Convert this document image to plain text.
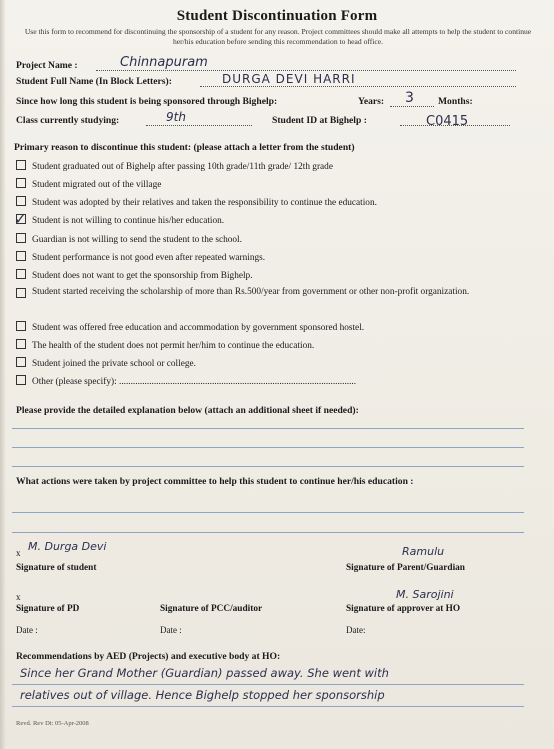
Student Discontinuation Form
Use this form to recommend for discontinuing the sponsorship of a student for any reason. Project committees should make all attempts to help the student to continue her/his education before sending this recommendation to head office.
Project Name :	Chinnapuram
Student Full Name (In Block Letters):	DURGA DEVI HARRI
Since how long this student is being sponsored through Bighelp:	Years: 3	Months:
Class currently studying:	9th	Student ID at Bighelp :	C0415
Primary reason to discontinue this student: (please attach a letter from the student)
Student graduated out of Bighelp after passing 10th grade/11th grade/ 12th grade
Student migrated out of the village
Student was adopted by their relatives and taken the responsibility to continue the education.
Student is not willing to continue his/her education.
✓
Guardian is not willing to send the student to the school.
Student performance is not good even after repeated warnings.
Student does not want to get the sponsorship from Bighelp.
Student started receiving the scholarship of more than Rs.500/year from government or other non-profit organization.
Student was offered free education and accommodation by government sponsored hostel.
The health of the student does not permit her/him to continue the education.
Student joined the private school or college.
Other (please specify): ......................................................................................................
Please provide the detailed explanation below (attach an additional sheet if needed):
What actions were taken by project committee to help this student to continue her/his education :
x M. Durga Devi
Signature of student
Ramulu
Signature of Parent/Guardian
x
Signature of PD	Signature of PCC/auditor
M. Sarojini
Signature of approver at HO
Date :	Date :	Date:
Recommendations by AED (Projects) and executive body at HO:
Since her Grand Mother (Guardian) passed away. She went with
relatives out of village. Hence Bighelp stopped her sponsorship
Revd. Rev Dt: 05-Apr-2008
